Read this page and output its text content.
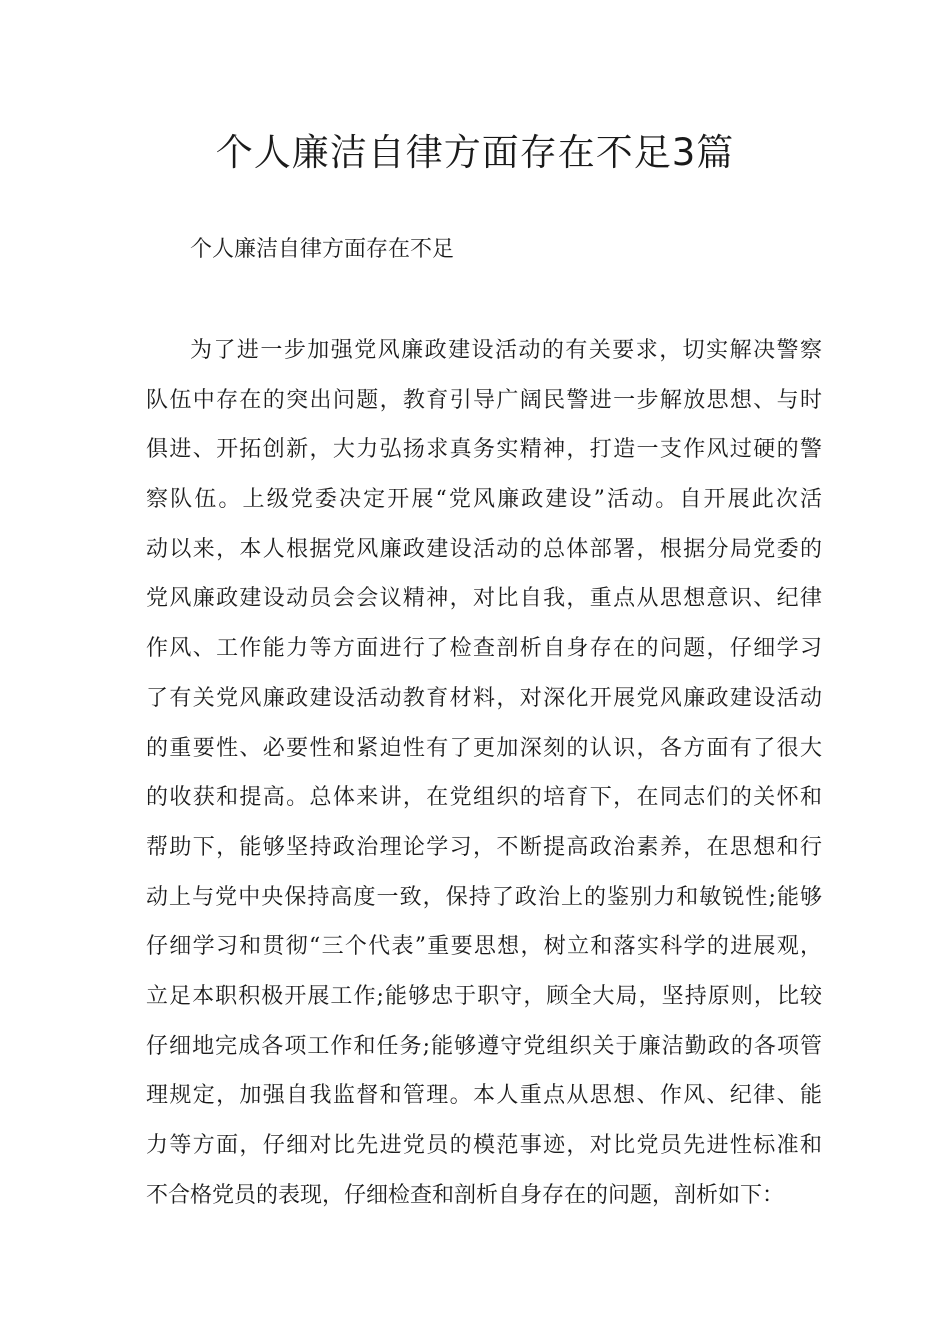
个人廉洁自律方面存在不足3篇

个人廉洁自律方面存在不足

为了进一步加强党风廉政建设活动的有关要求，切实解决警察
队伍中存在的突出问题，教育引导广阔民警进一步解放思想、与时
俱进、开拓创新，大力弘扬求真务实精神，打造一支作风过硬的警
察队伍。上级党委决定开展“党风廉政建设”活动。自开展此次活
动以来，本人根据党风廉政建设活动的总体部署，根据分局党委的
党风廉政建设动员会会议精神，对比自我，重点从思想意识、纪律
作风、工作能力等方面进行了检查剖析自身存在的问题，仔细学习
了有关党风廉政建设活动教育材料，对深化开展党风廉政建设活动
的重要性、必要性和紧迫性有了更加深刻的认识，各方面有了很大
的收获和提高。总体来讲，在党组织的培育下，在同志们的关怀和
帮助下，能够坚持政治理论学习，不断提高政治素养，在思想和行
动上与党中央保持高度一致，保持了政治上的鉴别力和敏锐性;能够
仔细学习和贯彻“三个代表”重要思想，树立和落实科学的进展观，
立足本职积极开展工作;能够忠于职守，顾全大局，坚持原则，比较
仔细地完成各项工作和任务;能够遵守党组织关于廉洁勤政的各项管
理规定，加强自我监督和管理。本人重点从思想、作风、纪律、能
力等方面，仔细对比先进党员的模范事迹，对比党员先进性标准和
不合格党员的表现，仔细检查和剖析自身存在的问题，剖析如下：
